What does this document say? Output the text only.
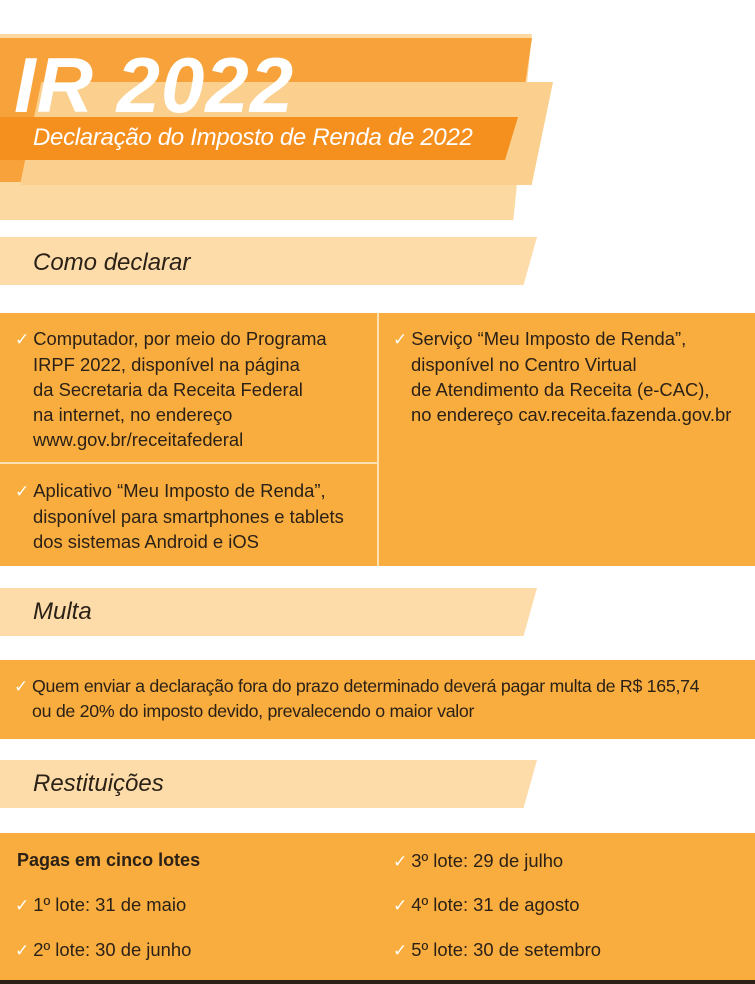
IR 2022
Declaração do Imposto de Renda de 2022
Como declarar
✓ Computador, por meio do Programa
IRPF 2022, disponível na página
da Secretaria da Receita Federal
na internet, no endereço
www.gov.br/receitafederal
✓ Aplicativo “Meu Imposto de Renda”,
disponível para smartphones e tablets
dos sistemas Android e iOS
✓ Serviço “Meu Imposto de Renda”,
disponível no Centro Virtual
de Atendimento da Receita (e-CAC),
no endereço cav.receita.fazenda.gov.br
Multa
✓ Quem enviar a declaração fora do prazo determinado deverá pagar multa de R$ 165,74
ou de 20% do imposto devido, prevalecendo o maior valor
Restituições
Pagas em cinco lotes
✓ 1º lote: 31 de maio
✓ 2º lote: 30 de junho
✓ 3º lote: 29 de julho
✓ 4º lote: 31 de agosto
✓ 5º lote: 30 de setembro
